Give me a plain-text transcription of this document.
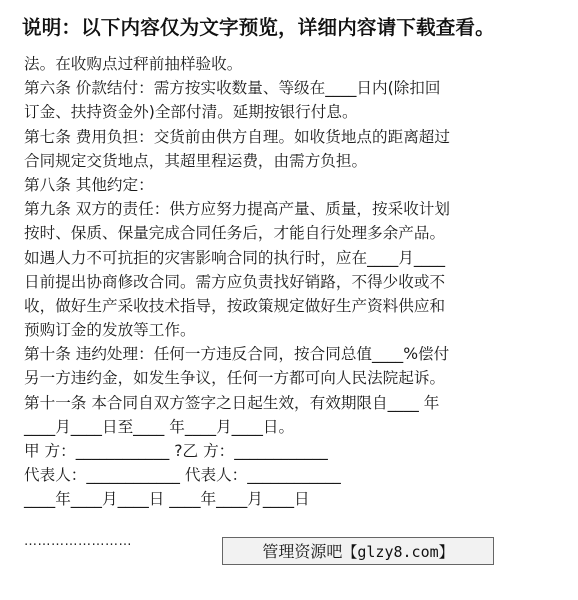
说明：以下内容仅为文字预览，详细内容请下载查看。
法。在收购点过秤前抽样验收。
第六条 价款结付：需方按实收数量、等级在____日内(除扣回
订金、扶持资金外)全部付清。延期按银行付息。
第七条 费用负担：交货前由供方自理。如收货地点的距离超过
合同规定交货地点，其超里程运费，由需方负担。
第八条 其他约定：
第九条 双方的责任：供方应努力提高产量、质量，按采收计划
按时、保质、保量完成合同任务后，才能自行处理多余产品。
如遇人力不可抗拒的灾害影响合同的执行时，应在____月____
日前提出协商修改合同。需方应负责找好销路，不得少收或不
收，做好生产采收技术指导，按政策规定做好生产资料供应和
预购订金的发放等工作。
第十条 违约处理：任何一方违反合同，按合同总值____%偿付
另一方违约金，如发生争议，任何一方都可向人民法院起诉。
第十一条 本合同自双方签字之日起生效，有效期限自____ 年
____月____日至____ 年____月____日。
甲 方：____________ ?乙 方：____________
代表人：____________ 代表人：____________
____年____月____日 ____年____月____日
……………………
管理资源吧【glzy8.com】
